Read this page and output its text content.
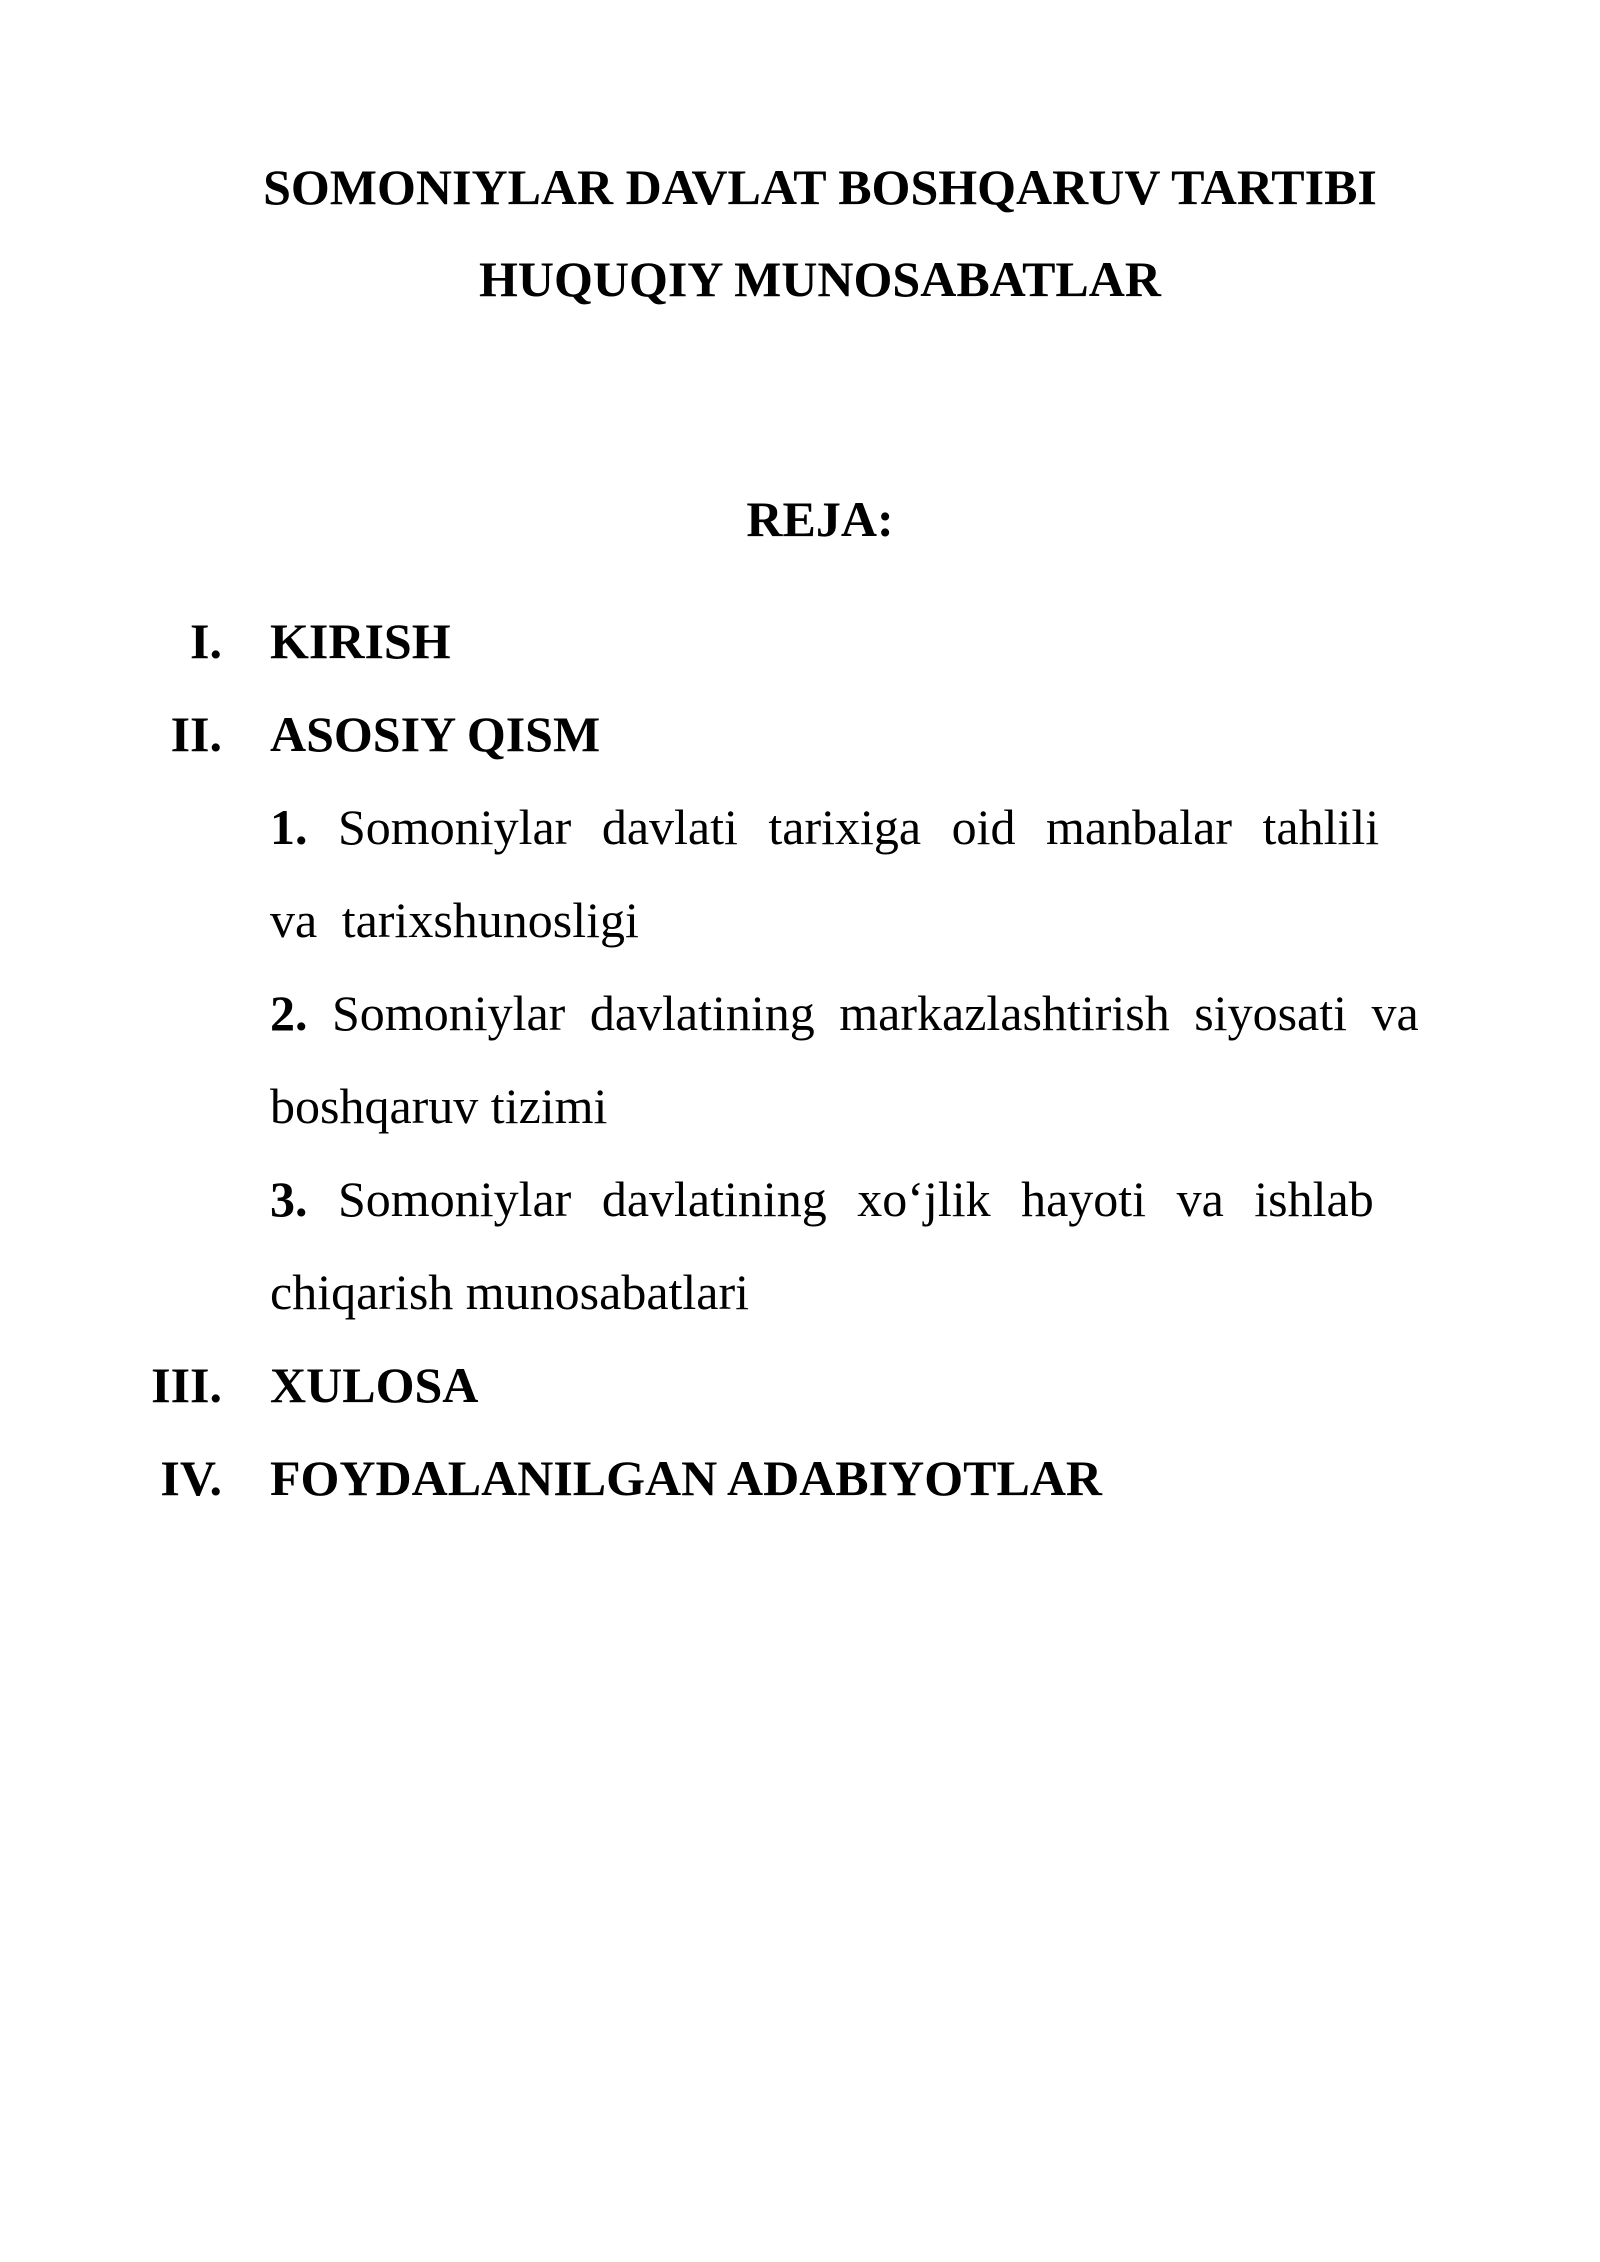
SOMONIYLAR DAVLAT BOSHQARUV TARTIBI
HUQUQIY MUNOSABATLAR
REJA:
I. KIRISH
II. ASOSIY QISM
1. Somoniylar davlati tarixiga oid manbalar tahlili
va tarixshunosligi
2. Somoniylar davlatining markazlashtirish siyosati va
boshqaruv tizimi
3. Somoniylar davlatining xo‘jlik hayoti va ishlab
chiqarish munosabatlari
III. XULOSA
IV. FOYDALANILGAN ADABIYOTLAR
